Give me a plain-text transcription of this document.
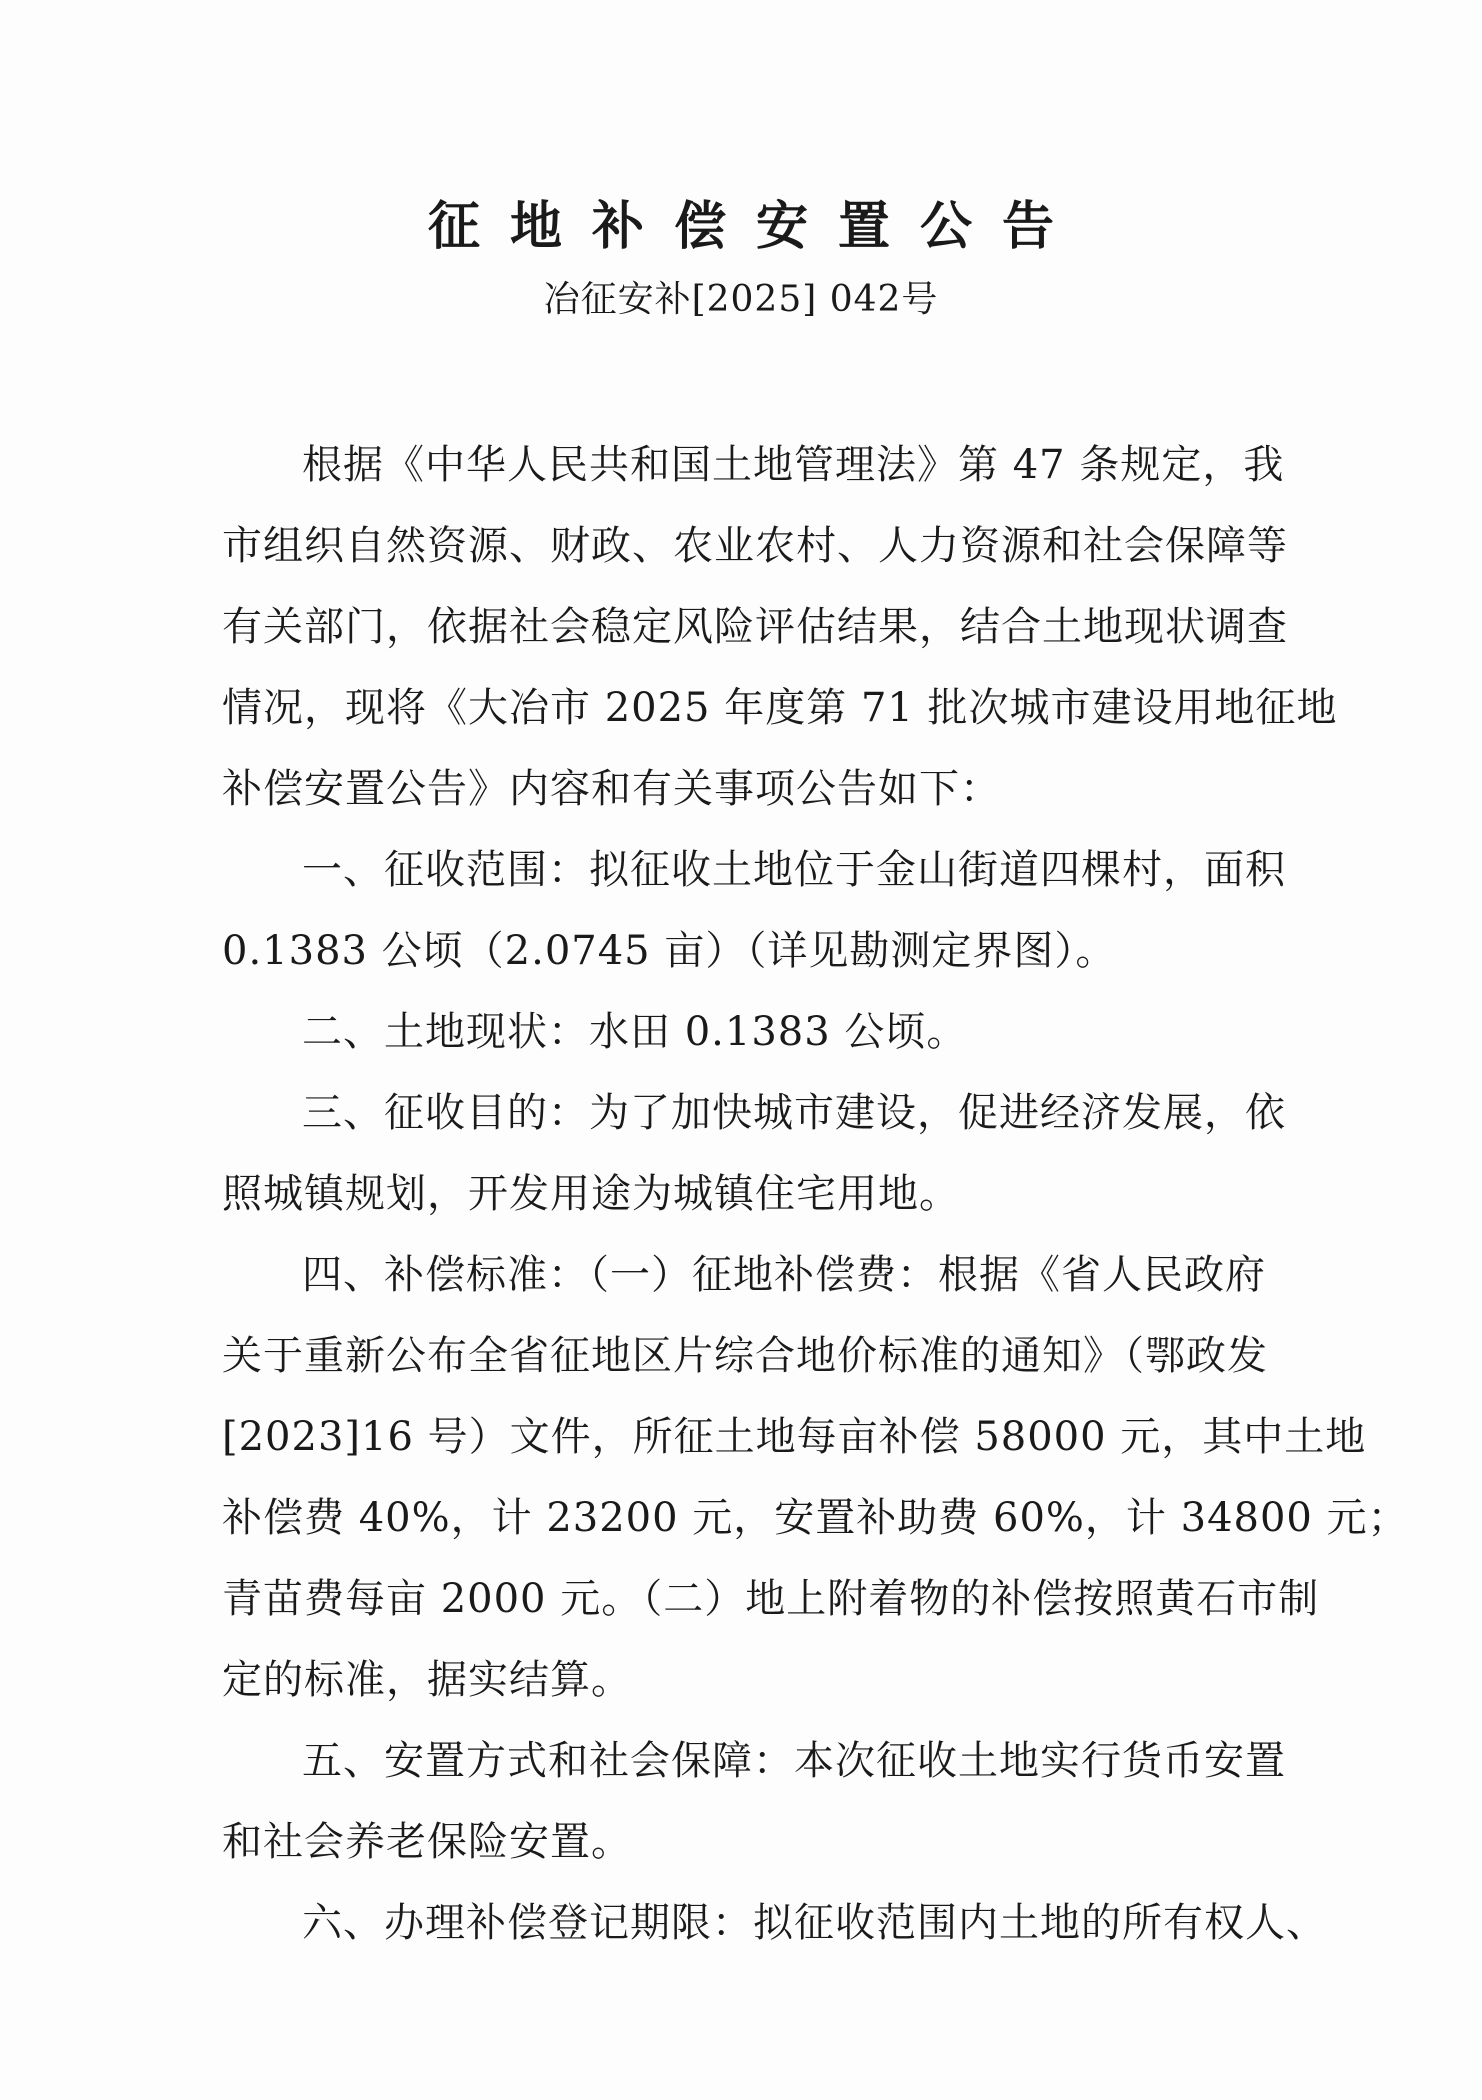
征地补偿安置公告
冶征安补[2025] 042号
根据《中华人民共和国土地管理法》第 47 条规定，我
市组织自然资源、财政、农业农村、人力资源和社会保障等
有关部门，依据社会稳定风险评估结果，结合土地现状调查
情况，现将《大冶市 2025 年度第 71 批次城市建设用地征地
补偿安置公告》内容和有关事项公告如下：
一、征收范围：拟征收土地位于金山街道四棵村，面积
0.1383 公顷（2.0745 亩）（详见勘测定界图）。
二、土地现状：水田 0.1383 公顷。
三、征收目的：为了加快城市建设，促进经济发展，依
照城镇规划，开发用途为城镇住宅用地。
四、补偿标准：（一）征地补偿费：根据《省人民政府
关于重新公布全省征地区片综合地价标准的通知》（鄂政发
[2023]16 号）文件，所征土地每亩补偿 58000 元，其中土地
补偿费 40%，计 23200 元，安置补助费 60%，计 34800 元；
青苗费每亩 2000 元。（二）地上附着物的补偿按照黄石市制
定的标准，据实结算。
五、安置方式和社会保障：本次征收土地实行货币安置
和社会养老保险安置。
六、办理补偿登记期限：拟征收范围内土地的所有权人、
